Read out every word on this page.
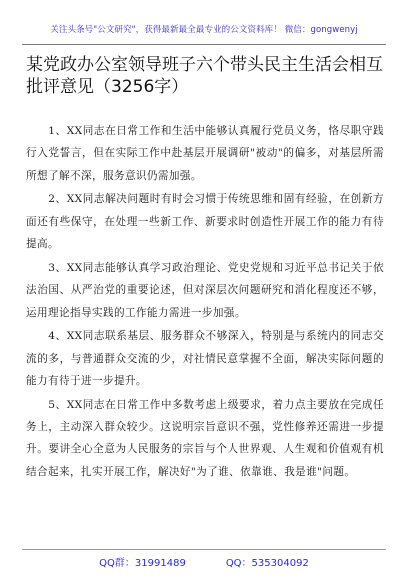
关注头条号"公文研究"，获得最新最全最专业的公文资料库！ 微信：gongwenyj
某党政办公室领导班子六个带头民主生活会相互批评意见（3256字）

1、XX同志在日常工作和生活中能够认真履行党员义务，恪尽职守践行入党誓言，但在实际工作中赴基层开展调研"被动"的偏多，对基层所需所想了解不深，服务意识仍需加强。

2、XX同志解决问题时有时会习惯于传统思维和固有经验，在创新方面还有些保守，在处理一些新工作、新要求时创造性开展工作的能力有待提高。

3、XX同志能够认真学习政治理论、党史党规和习近平总书记关于依法治国、从严治党的重要论述，但对深层次问题研究和消化程度还不够，运用理论指导实践的工作能力需进一步加强。

4、XX同志联系基层、服务群众不够深入，特别是与系统内的同志交流的多，与普通群众交流的少，对社情民意掌握不全面，解决实际问题的能力有待于进一步提升。

5、XX同志在日常工作中多数考虑上级要求，着力点主要放在完成任务上，主动深入群众较少。这说明宗旨意识不强，党性修养还需进一步提升。要讲全心全意为人民服务的宗旨与个人世界观、人生观和价值观有机结合起来，扎实开展工作，解决好"为了谁、依靠谁、我是谁"问题。

QQ群：31991489	QQ：535304092
